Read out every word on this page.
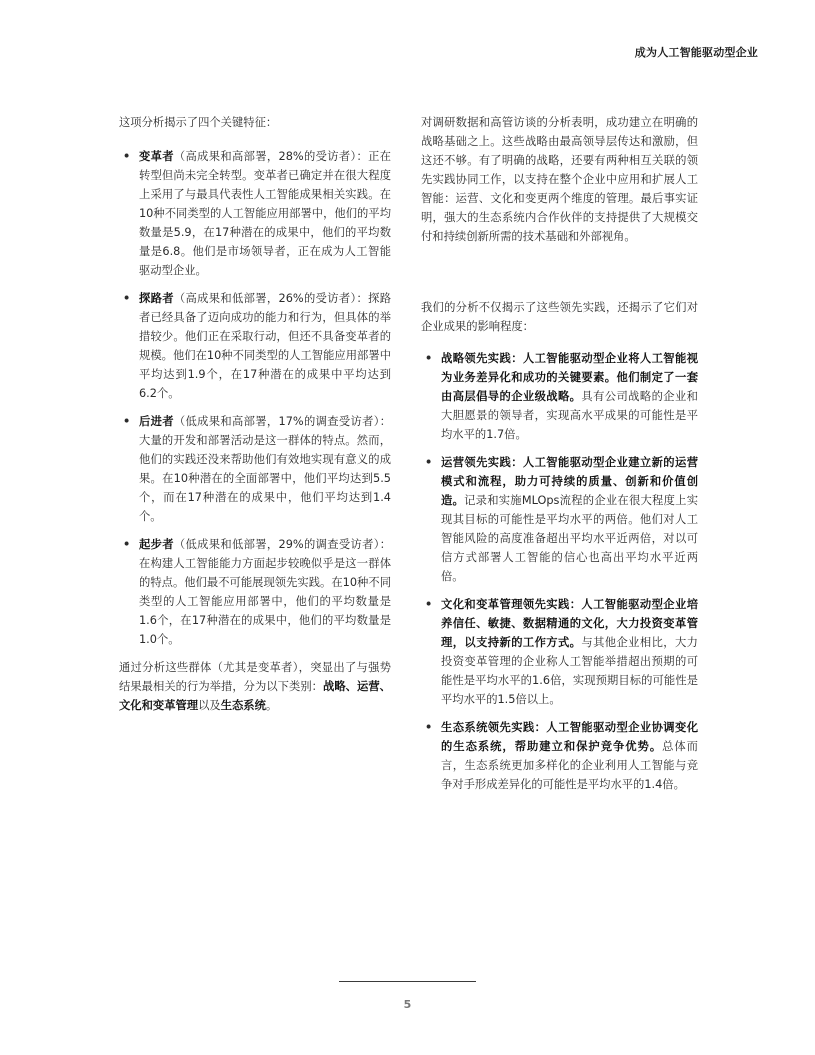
成为人工智能驱动型企业

这项分析揭示了四个关键特征：

• 变革者（高成果和高部署，28%的受访者）：正在转型但尚未完全转型。变革者已确定并在很大程度上采用了与最具代表性人工智能成果相关实践。在10种不同类型的人工智能应用部署中，他们的平均数量是5.9，在17种潜在的成果中，他们的平均数量是6.8。他们是市场领导者，正在成为人工智能驱动型企业。
• 探路者（高成果和低部署，26%的受访者）：探路者已经具备了迈向成功的能力和行为，但具体的举措较少。他们正在采取行动，但还不具备变革者的规模。他们在10种不同类型的人工智能应用部署中平均达到1.9个，在17种潜在的成果中平均达到6.2个。
• 后进者（低成果和高部署，17%的调查受访者）：大量的开发和部署活动是这一群体的特点。然而，他们的实践还没来帮助他们有效地实现有意义的成果。在10种潜在的全面部署中，他们平均达到5.5个，而在17种潜在的成果中，他们平均达到1.4个。
• 起步者（低成果和低部署，29%的调查受访者）：在构建人工智能能力方面起步较晚似乎是这一群体的特点。他们最不可能展现领先实践。在10种不同类型的人工智能应用部署中，他们的平均数量是1.6个，在17种潜在的成果中，他们的平均数量是1.0个。

通过分析这些群体（尤其是变革者），突显出了与强势结果最相关的行为举措，分为以下类别：战略、运营、文化和变革管理以及生态系统。

对调研数据和高管访谈的分析表明，成功建立在明确的战略基础之上。这些战略由最高领导层传达和激励，但这还不够。有了明确的战略，还要有两种相互关联的领先实践协同工作，以支持在整个企业中应用和扩展人工智能：运营、文化和变更两个维度的管理。最后事实证明，强大的生态系统内合作伙伴的支持提供了大规模交付和持续创新所需的技术基础和外部视角。

我们的分析不仅揭示了这些领先实践，还揭示了它们对企业成果的影响程度：

• 战略领先实践：人工智能驱动型企业将人工智能视为业务差异化和成功的关键要素。他们制定了一套由高层倡导的企业级战略。具有公司战略的企业和大胆愿景的领导者，实现高水平成果的可能性是平均水平的1.7倍。
• 运营领先实践：人工智能驱动型企业建立新的运营模式和流程，助力可持续的质量、创新和价值创造。记录和实施MLOps流程的企业在很大程度上实现其目标的可能性是平均水平的两倍。他们对人工智能风险的高度准备超出平均水平近两倍，对以可信方式部署人工智能的信心也高出平均水平近两倍。
• 文化和变革管理领先实践：人工智能驱动型企业培养信任、敏捷、数据精通的文化，大力投资变革管理，以支持新的工作方式。与其他企业相比，大力投资变革管理的企业称人工智能举措超出预期的可能性是平均水平的1.6倍，实现预期目标的可能性是平均水平的1.5倍以上。
• 生态系统领先实践：人工智能驱动型企业协调变化的生态系统，帮助建立和保护竞争优势。总体而言，生态系统更加多样化的企业利用人工智能与竞争对手形成差异化的可能性是平均水平的1.4倍。
5
